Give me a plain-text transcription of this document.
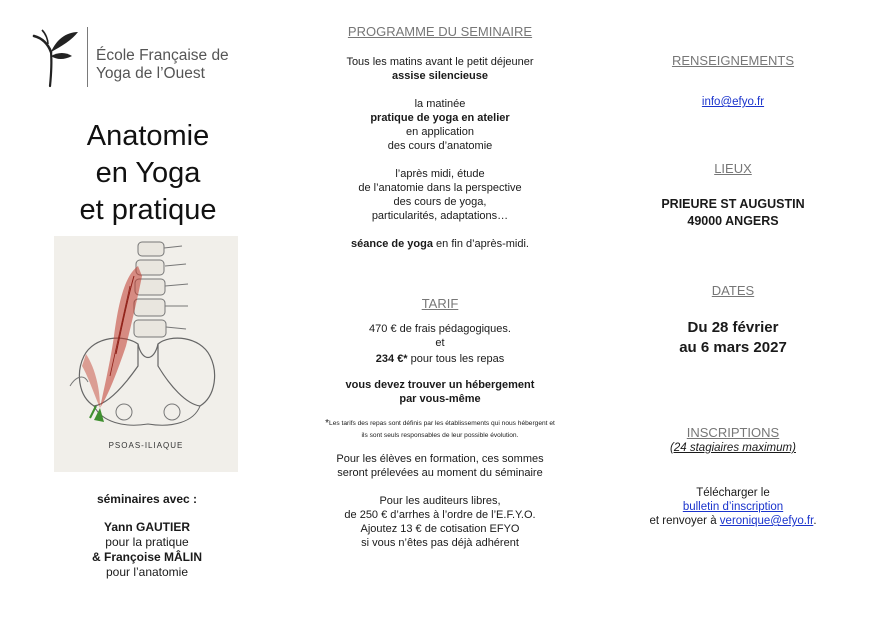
École Française de
Yoga de l’Ouest
Anatomie
en Yoga
et pratique
PSOAS-ILIAQUE
séminaires avec :
Yann GAUTIER
pour la pratique
& Françoise MÂLIN
pour l’anatomie
PROGRAMME DU SEMINAIRE
Tous les matins avant le petit déjeuner
assise silencieuse
la matinée
pratique de yoga en atelier
en application
des cours d’anatomie
l’après midi, étude
de l’anatomie dans la perspective
des cours de yoga,
particularités, adaptations…
séance de yoga en fin d’après-midi.
TARIF
470 € de frais pédagogiques.
et
234 €* pour tous les repas
vous devez trouver un hébergement
par vous-même
*Les tarifs des repas sont définis par les établissements qui nous hébergent et
ils sont seuls responsables de leur possible évolution.
Pour les élèves en formation, ces sommes
seront prélevées au moment du séminaire
Pour les auditeurs libres,
de 250 € d’arrhes à l’ordre de l’E.F.Y.O.
Ajoutez 13 € de cotisation EFYO
si vous n’êtes pas déjà adhérent
RENSEIGNEMENTS
info@efyo.fr
LIEUX
PRIEURE ST AUGUSTIN
49000 ANGERS
DATES
Du 28 février
au 6 mars 2027
INSCRIPTIONS
(24 stagiaires maximum)
Télécharger le
bulletin d’inscription
et renvoyer à veronique@efyo.fr.
